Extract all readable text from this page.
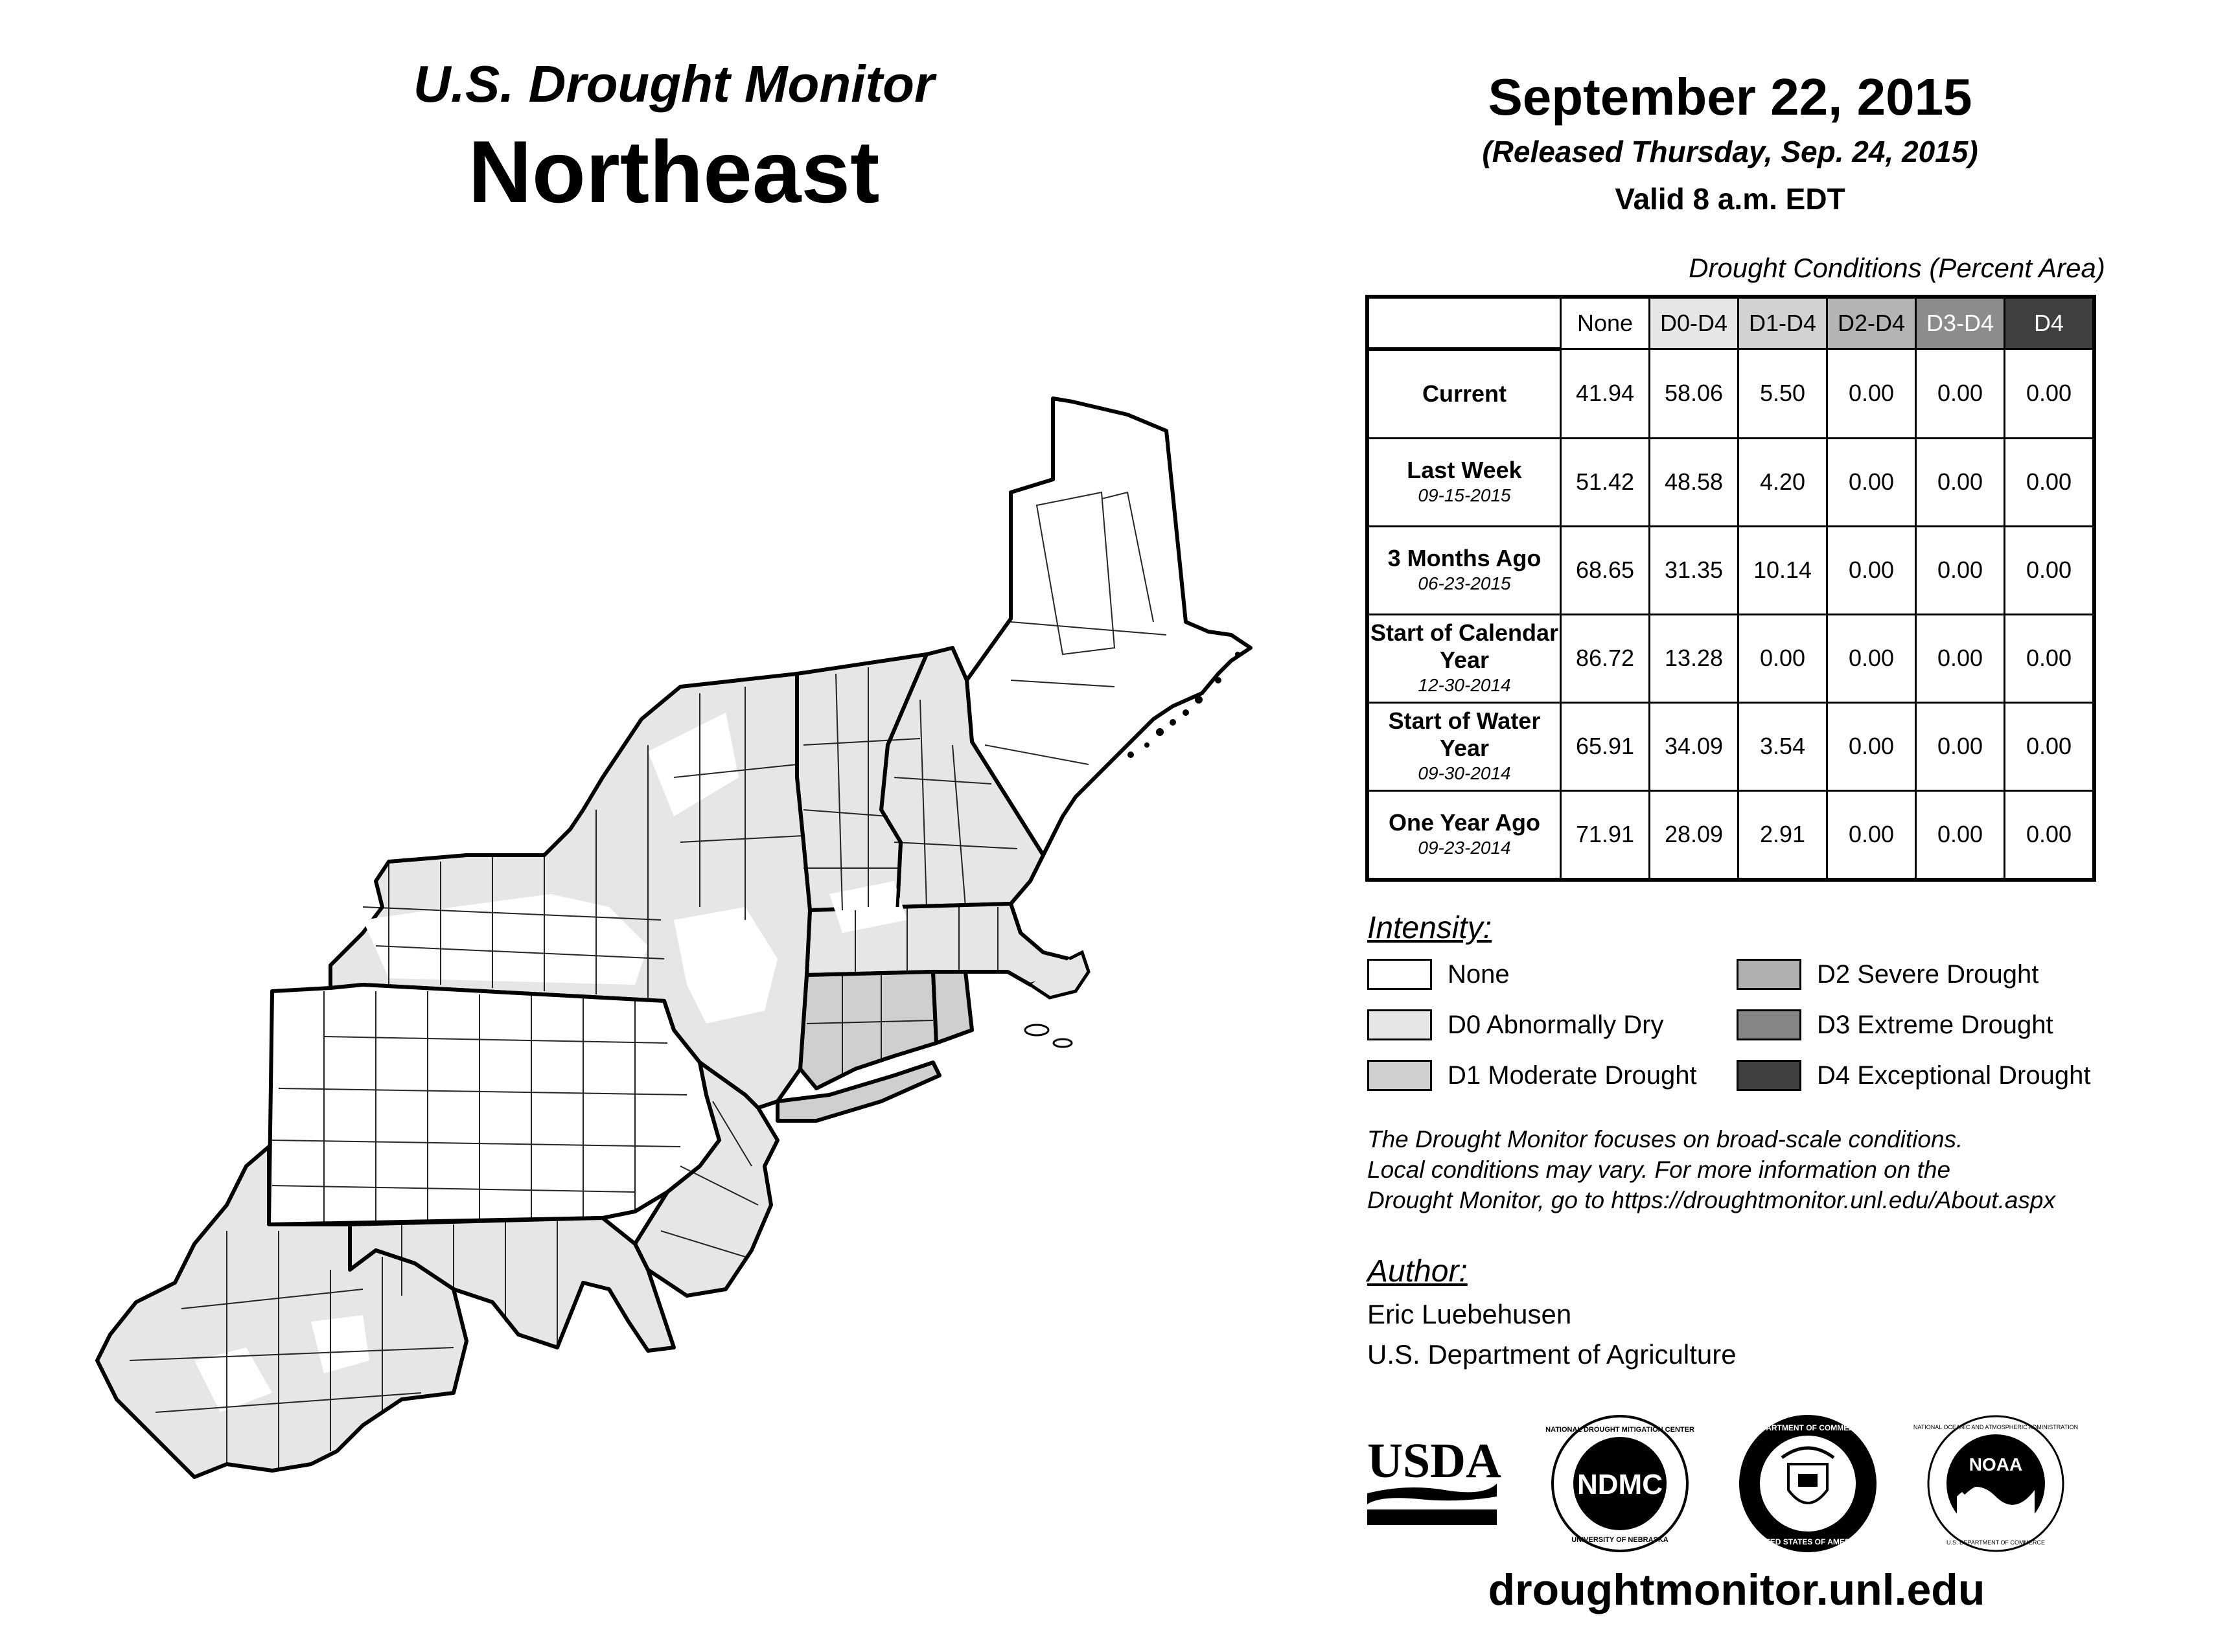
U.S. Drought Monitor
Northeast
September 22, 2015
(Released Thursday, Sep. 24, 2015)
Valid 8 a.m. EDT
Drought Conditions (Percent Area)
	None	D0-D4	D1-D4	D2-D4	D3-D4	D4
Current	41.94	58.06	5.50	0.00	0.00	0.00
Last Week
09-15-2015	51.42	48.58	4.20	0.00	0.00	0.00
3 Months Ago
06-23-2015	68.65	31.35	10.14	0.00	0.00	0.00
Start of Calendar Year
12-30-2014	86.72	13.28	0.00	0.00	0.00	0.00
Start of Water Year
09-30-2014	65.91	34.09	3.54	0.00	0.00	0.00
One Year Ago
09-23-2014	71.91	28.09	2.91	0.00	0.00	0.00
Intensity:
None
D0 Abnormally Dry
D1 Moderate Drought
D2 Severe Drought
D3 Extreme Drought
D4 Exceptional Drought
The Drought Monitor focuses on broad-scale conditions.
Local conditions may vary. For more information on the
Drought Monitor, go to https://droughtmonitor.unl.edu/About.aspx
Author:
Eric Luebehusen
U.S. Department of Agriculture
USDA	NDMC
NATIONAL DROUGHT MITIGATION CENTER
UNIVERSITY OF NEBRASKA
DEPARTMENT OF COMMERCE
UNITED STATES OF AMERICA
NOAA
NATIONAL OCEANIC AND ATMOSPHERIC ADMINISTRATION
U.S. DEPARTMENT OF COMMERCE
droughtmonitor.unl.edu
